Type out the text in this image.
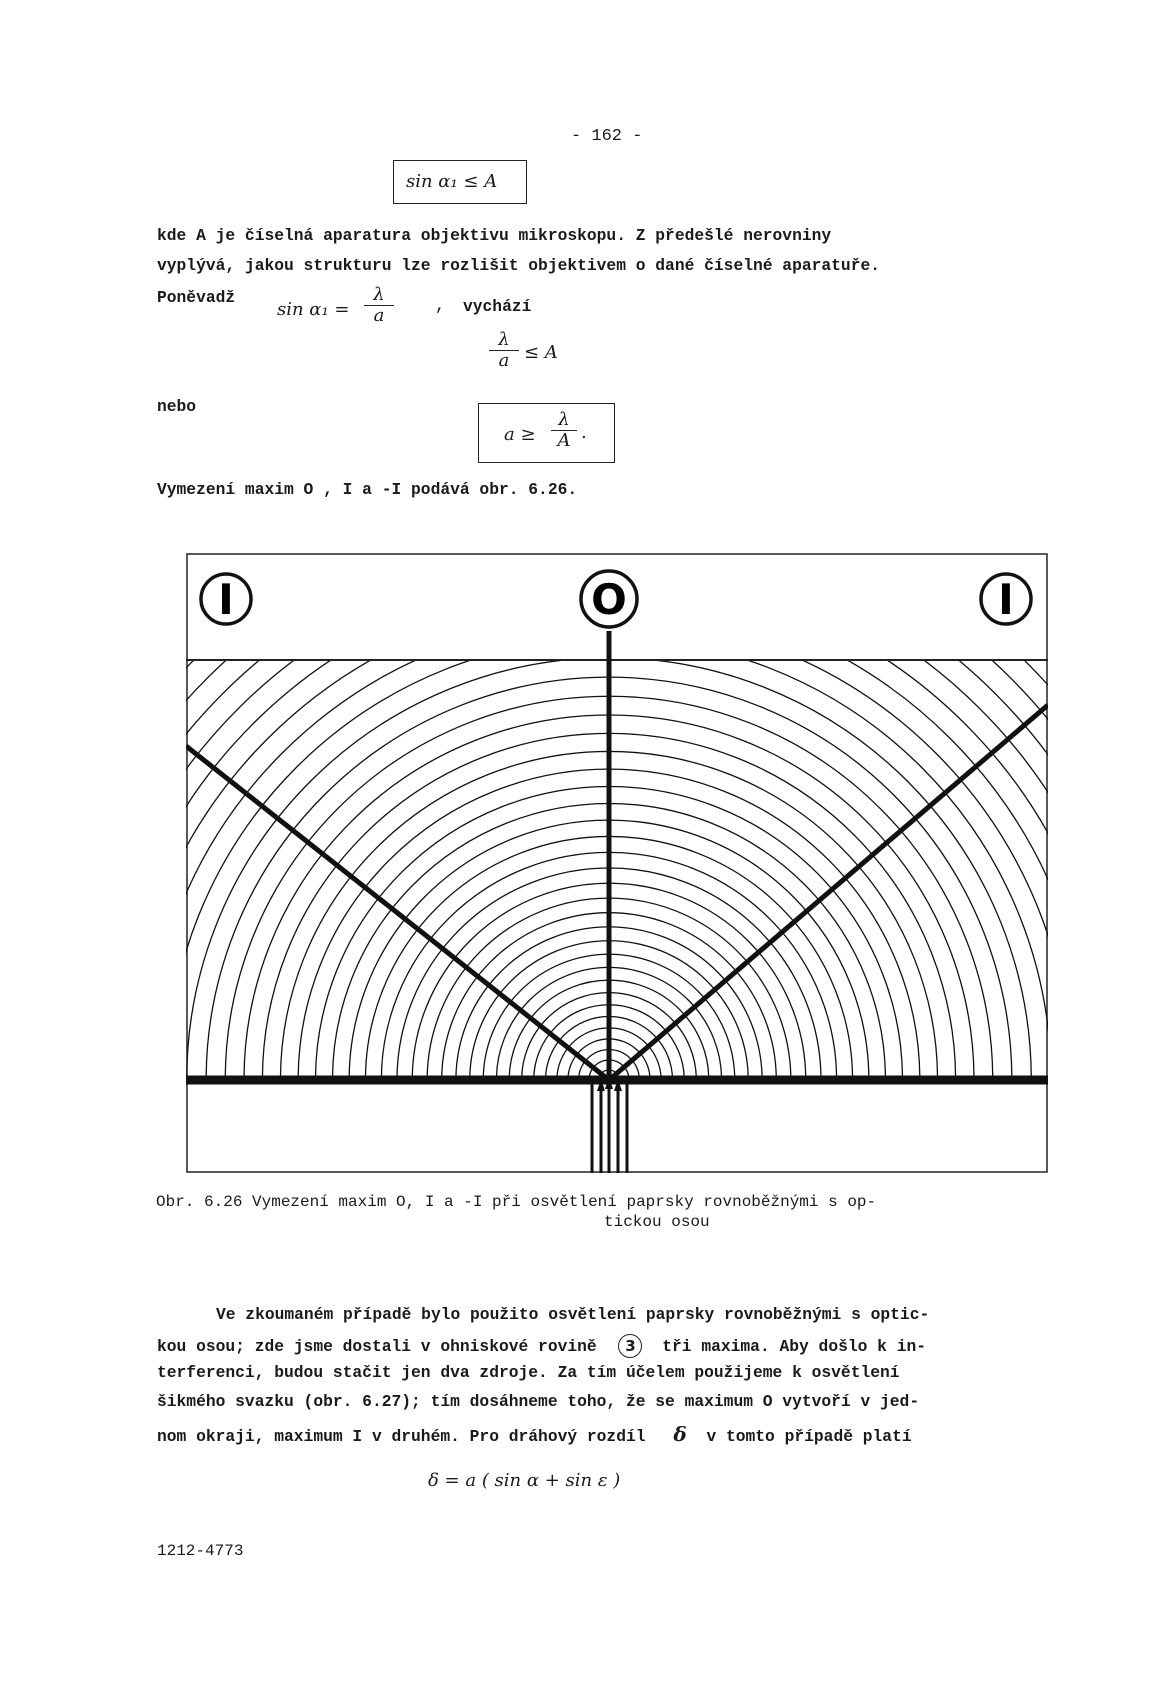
- 162 -
sin α₁ ≤ A
kde A je číselná aparatura objektivu mikroskopu. Z předešlé nerovniny
vyplývá, jakou strukturu lze rozlišit objektivem o dané číselné aparatuře.
Poněvadž
$\sin \alpha_1 = \frac{\lambda}{a}$ , vychází
$\frac{\lambda}{a} \le A$
nebo
$a \ge \frac{\lambda}{A}$ .
Vymezení maxim O , I a -I podává obr. 6.26.
I	O	I
Obr. 6.26 Vymezení maxim O, I a -I při osvětlení paprsky rovnoběžnými s op-
tickou osou
Ve zkoumaném případě bylo použito osvětlení paprsky rovnoběžnými s optic-
kou osou; zde jsme dostali v ohniskové rovině 3 tři maxima. Aby došlo k in-
terferenci, budou stačit jen dva zdroje. Za tím účelem použijeme k osvětlení
šikmého svazku (obr. 6.27); tím dosáhneme toho, že se maximum O vytvoří v jed-
nom okraji, maximum I v druhém. Pro dráhový rozdíl δ v tomto případě platí
δ = a ( sin α + sin ε )
1212-4773
